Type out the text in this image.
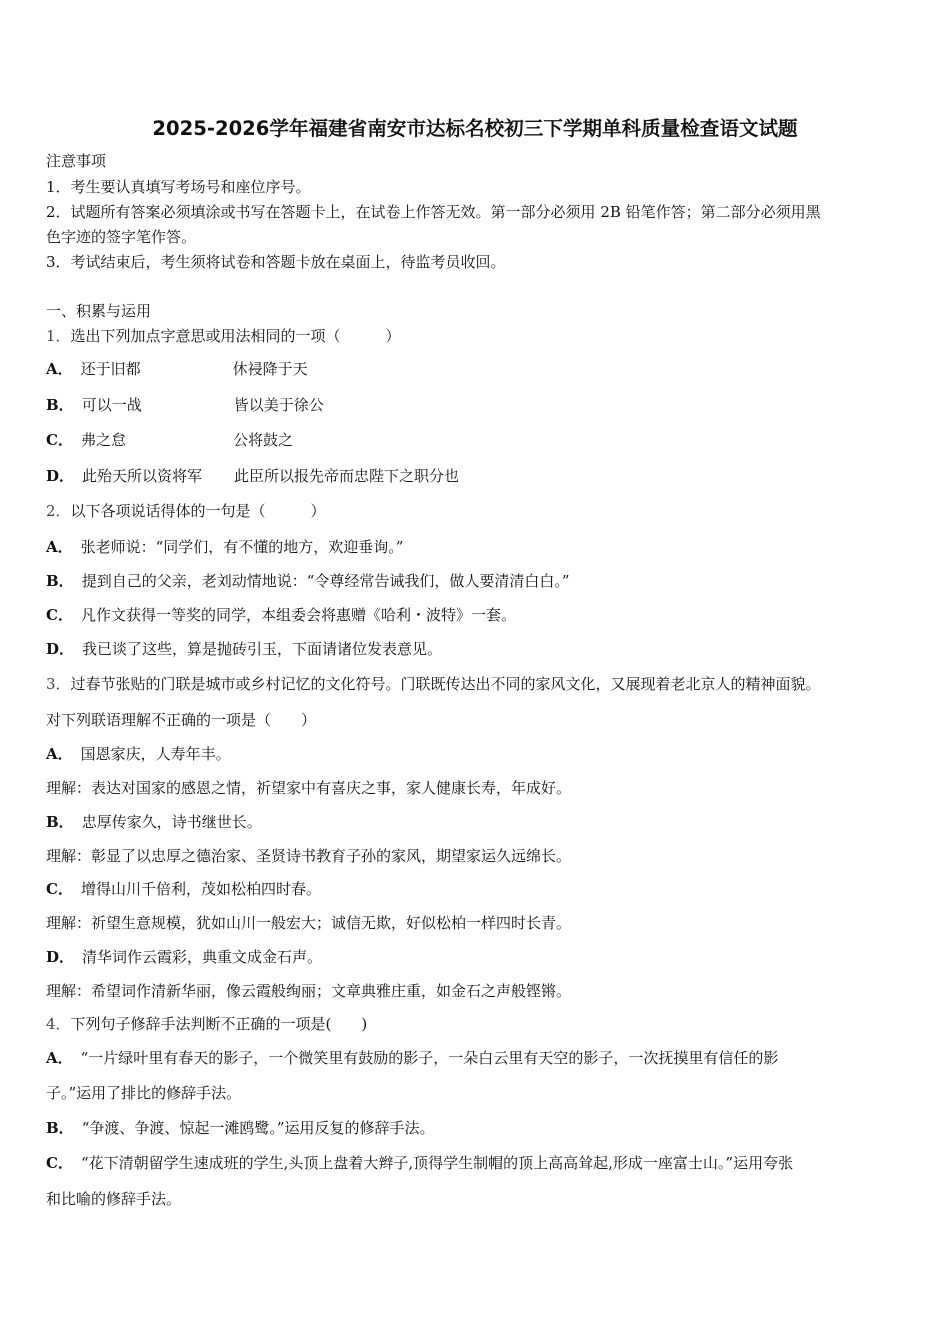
2025-2026学年福建省南安市达标名校初三下学期单科质量检查语文试题
注意事项
1．考生要认真填写考场号和座位序号。
2．试题所有答案必须填涂或书写在答题卡上，在试卷上作答无效。第一部分必须用 2B 铅笔作答；第二部分必须用黑
色字迹的签字笔作答。
3．考试结束后，考生须将试卷和答题卡放在桌面上，待监考员收回。
一、积累与运用
1．选出下列加点字意思或用法相同的一项（　　　）
A． 还于旧都	休祲降于天
B． 可以一战	皆以美于徐公
C． 弗之怠	公将鼓之
D． 此殆天所以资将军 此臣所以报先帝而忠陛下之职分也
2．以下各项说话得体的一句是（　　　）
A． 张老师说：“同学们，有不懂的地方，欢迎垂询。”
B． 提到自己的父亲，老刘动情地说：“令尊经常告诫我们，做人要清清白白。”
C． 凡作文获得一等奖的同学，本组委会将惠赠《哈利・波特》一套。
D． 我已谈了这些，算是抛砖引玉，下面请诸位发表意见。
3．过春节张贴的门联是城市或乡村记忆的文化符号。门联既传达出不同的家风文化，又展现着老北京人的精神面貌。
对下列联语理解不正确的一项是（　　）
A． 国恩家庆，人寿年丰。
理解：表达对国家的感恩之情，祈望家中有喜庆之事，家人健康长寿，年成好。
B． 忠厚传家久，诗书继世长。
理解：彰显了以忠厚之德治家、圣贤诗书教育子孙的家风，期望家运久远绵长。
C． 增得山川千倍利，茂如松柏四时春。
理解：祈望生意规模，犹如山川一般宏大；诚信无欺，好似松柏一样四时长青。
D． 清华词作云霞彩，典重文成金石声。
理解：希望词作清新华丽，像云霞般绚丽；文章典雅庄重，如金石之声般铿锵。
4．下列句子修辞手法判断不正确的一项是(　　)
A． “一片绿叶里有春天的影子，一个微笑里有鼓励的影子，一朵白云里有天空的影子，一次抚摸里有信任的影
子。”运用了排比的修辞手法。
B． “争渡、争渡、惊起一滩鸥鹭。”运用反复的修辞手法。
C． “花下清朝留学生速成班的学生,头顶上盘着大辫子,顶得学生制帽的顶上高高耸起,形成一座富士山。”运用夸张
和比喻的修辞手法。
